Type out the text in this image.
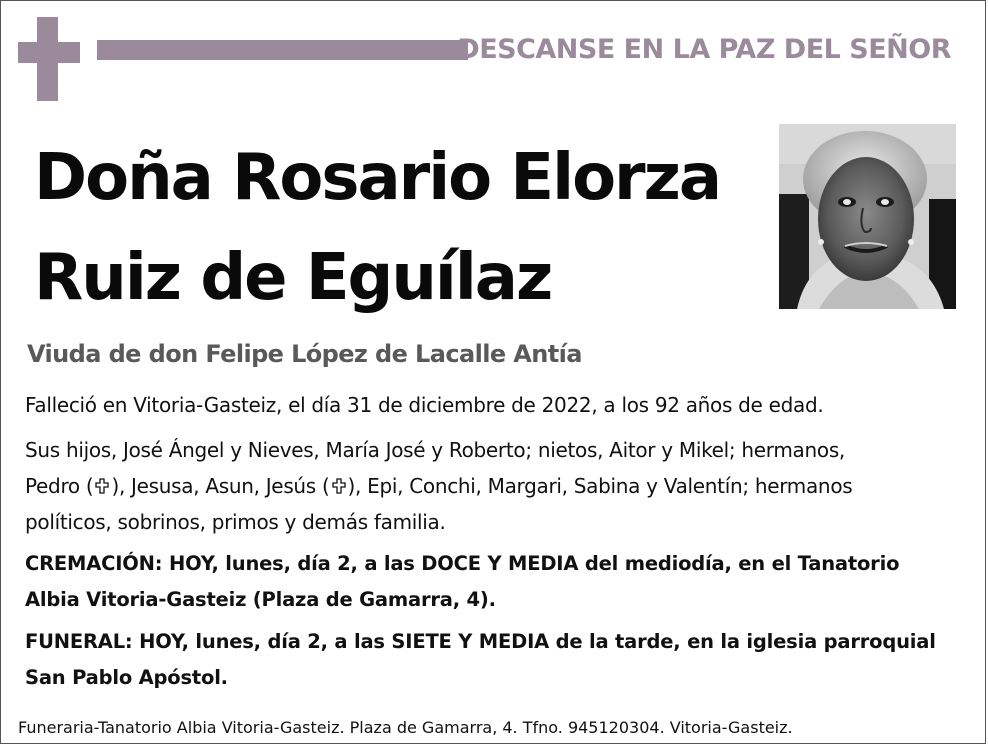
DESCANSE EN LA PAZ DEL SEÑOR
Doña Rosario Elorza
Ruiz de Eguílaz
Viuda de don Felipe López de Lacalle Antía

Falleció en Vitoria-Gasteiz, el día 31 de diciembre de 2022, a los 92 años de edad.

Sus hijos, José Ángel y Nieves, María José y Roberto; nietos, Aitor y Mikel; hermanos,
Pedro ( ), Jesusa, Asun, Jesús ( ), Epi, Conchi, Margari, Sabina y Valentín; hermanos
políticos, sobrinos, primos y demás familia.

CREMACIÓN: HOY, lunes, día 2, a las DOCE Y MEDIA del mediodía, en el Tanatorio
Albia Vitoria-Gasteiz (Plaza de Gamarra, 4).

FUNERAL: HOY, lunes, día 2, a las SIETE Y MEDIA de la tarde, en la iglesia parroquial
San Pablo Apóstol.

Funeraria-Tanatorio Albia Vitoria-Gasteiz. Plaza de Gamarra, 4. Tfno. 945120304. Vitoria-Gasteiz.
